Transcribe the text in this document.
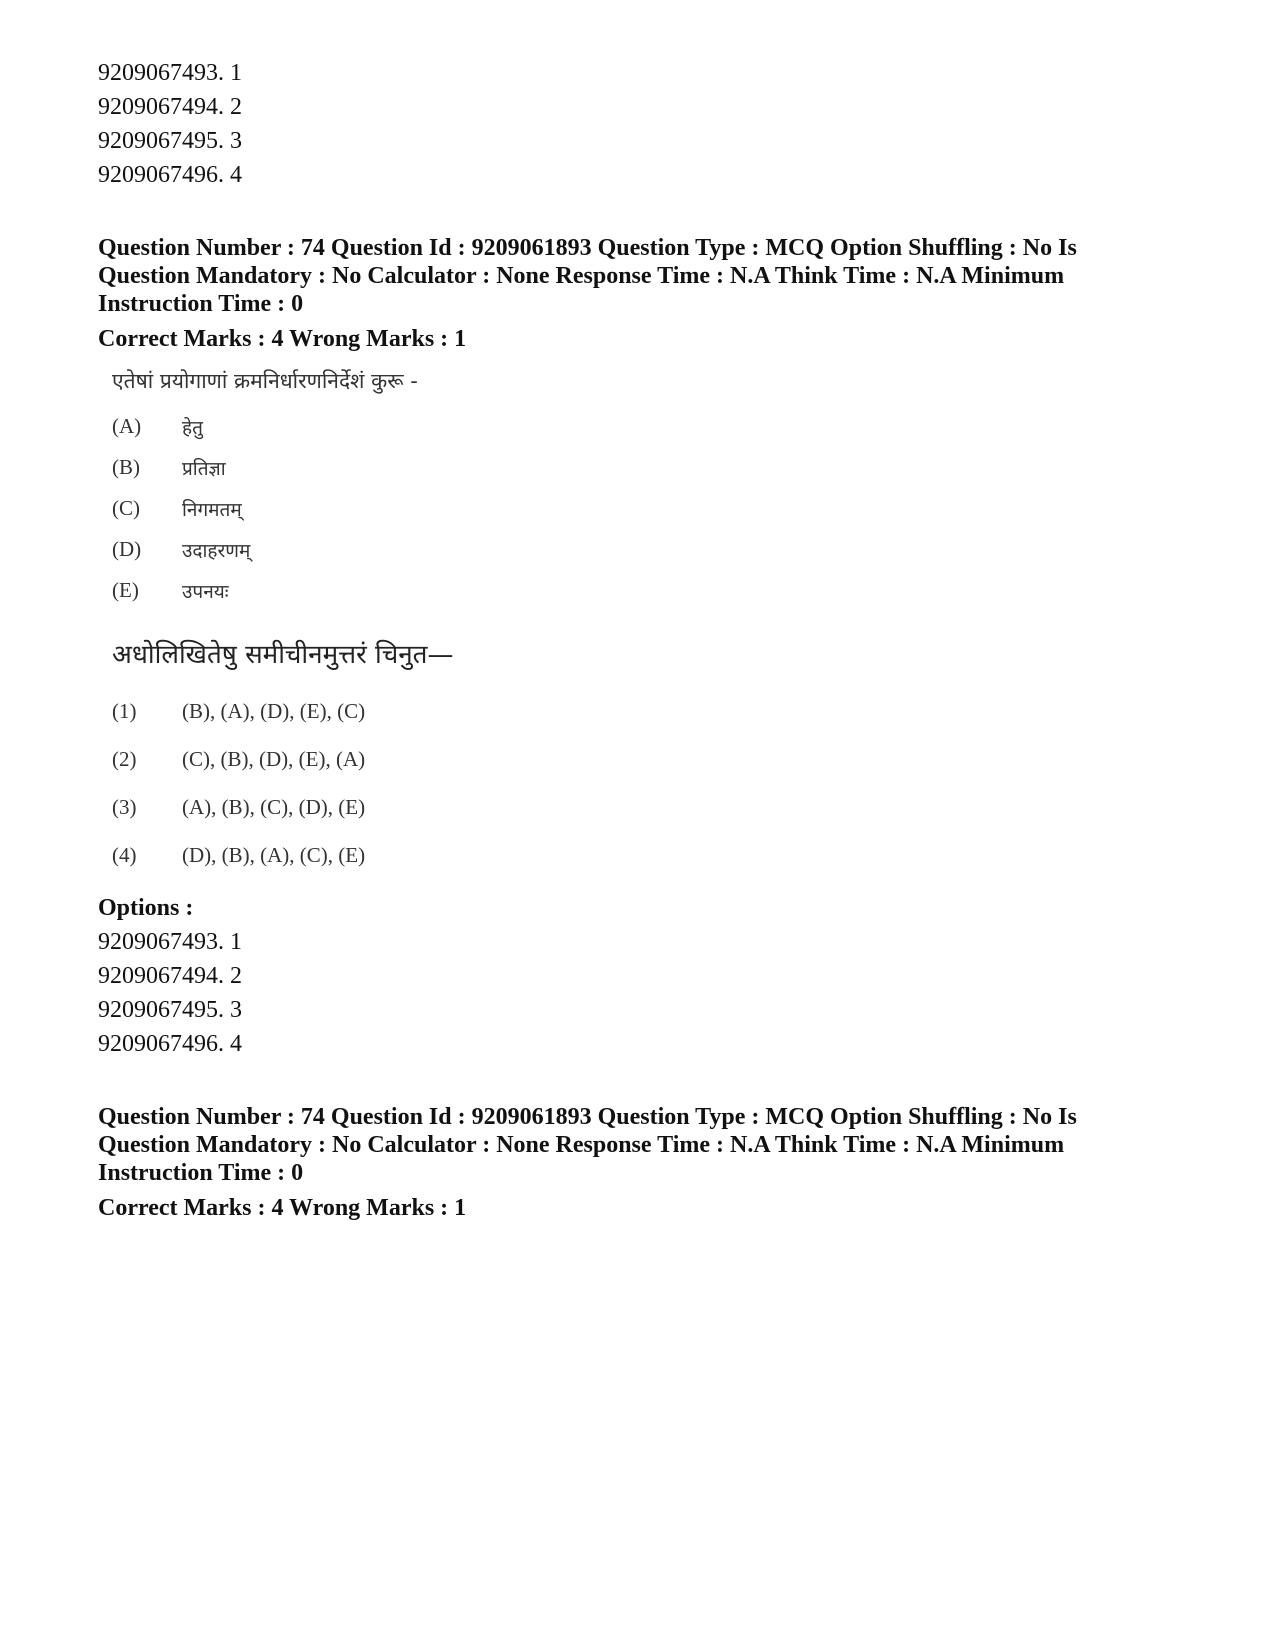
9209067493. 1
9209067494. 2
9209067495. 3
9209067496. 4
Question Number : 74 Question Id : 9209061893 Question Type : MCQ Option Shuffling : No Is
Question Mandatory : No Calculator : None Response Time : N.A Think Time : N.A Minimum
Instruction Time : 0
Correct Marks : 4 Wrong Marks : 1
एतेषां प्रयोगाणां क्रमनिर्धारणनिर्देशं कुरू -
(A)	हेतु
(B)	प्रतिज्ञा
(C)	निगमतम्
(D)	उदाहरणम्
(E)	उपनयः
अधोलिखितेषु समीचीनमुत्तरं चिनुत—
(1)	(B), (A), (D), (E), (C)
(2)	(C), (B), (D), (E), (A)
(3)	(A), (B), (C), (D), (E)
(4)	(D), (B), (A), (C), (E)
Options :
9209067493. 1
9209067494. 2
9209067495. 3
9209067496. 4
Question Number : 74 Question Id : 9209061893 Question Type : MCQ Option Shuffling : No Is
Question Mandatory : No Calculator : None Response Time : N.A Think Time : N.A Minimum
Instruction Time : 0
Correct Marks : 4 Wrong Marks : 1
